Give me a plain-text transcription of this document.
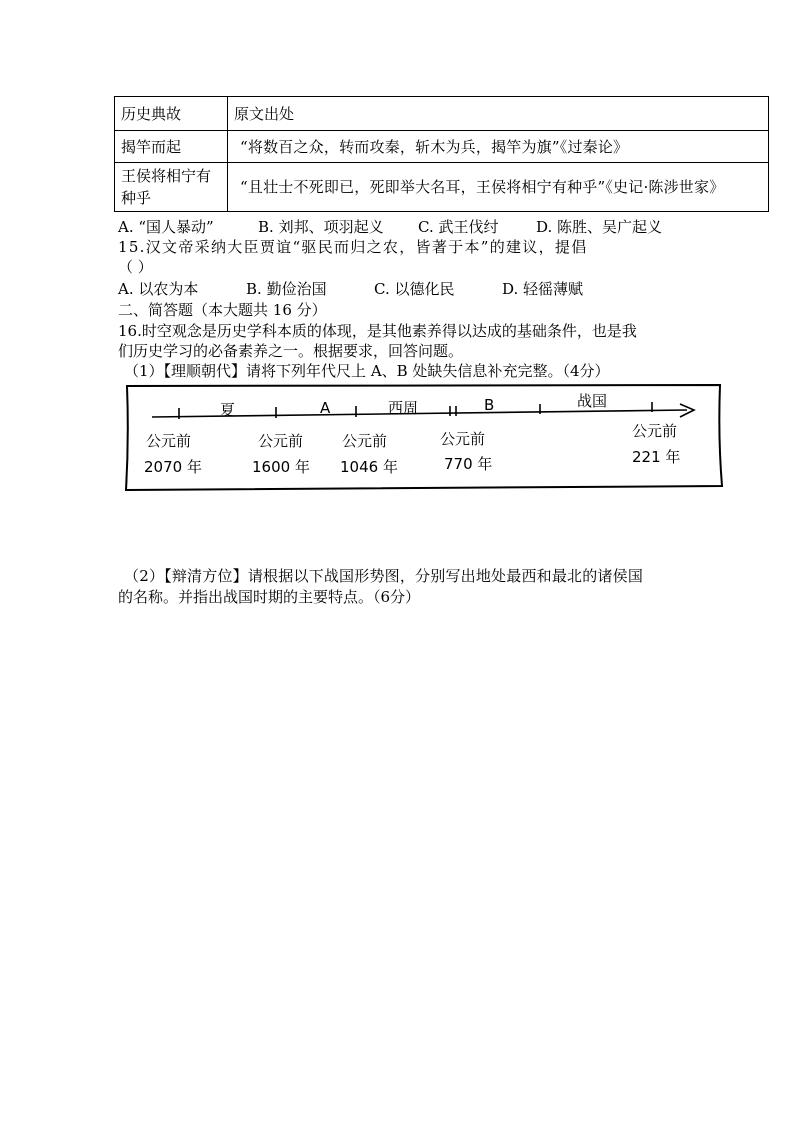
历史典故	原文出处
揭竿而起	“将数百之众，转而攻秦，斩木为兵，揭竿为旗”《过秦论》
王侯将相宁有种乎	“且壮士不死即已，死即举大名耳，王侯将相宁有种乎”《史记·陈涉世家》
A. “国人暴动”	B. 刘邦、项羽起义	C. 武王伐纣	D. 陈胜、吴广起义
15.汉文帝采纳大臣贾谊“驱民而归之农，皆著于本”的建议，提倡
（ ）
A. 以农为本	B. 勤俭治国	C. 以德化民	D. 轻徭薄赋
二、简答题（本大题共 16 分）
16.时空观念是历史学科本质的体现，是其他素养得以达成的基础条件，也是我
们历史学习的必备素养之一。根据要求，回答问题。
（1）【理顺朝代】请将下列年代尺上 A、B 处缺失信息补充完整。（4分）
夏	A	西周	B	战国
公元前
2070 年
公元前
1600 年
公元前
1046 年
公元前
770 年
公元前
221 年
（2）【辩清方位】请根据以下战国形势图，分别写出地处最西和最北的诸侯国
的名称。并指出战国时期的主要特点。（6分）
